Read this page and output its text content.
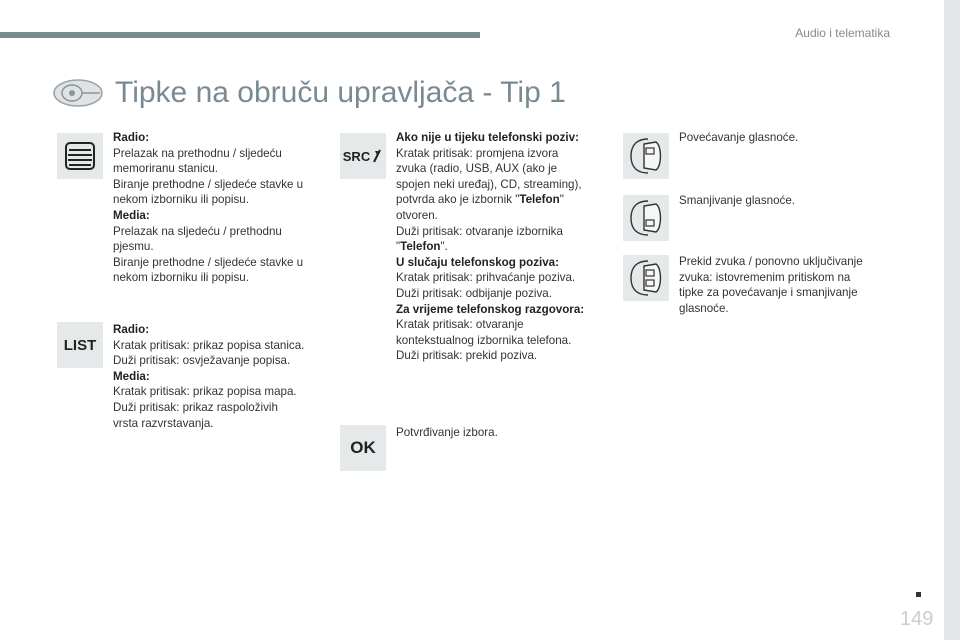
Audio i telematika
Tipke na obruču upravljača - Tip 1
Radio:
Prelazak na prethodnu / sljedeću
memoriranu stanicu.
Biranje prethodne / sljedeće stavke u
nekom izborniku ili popisu.
Media:
Prelazak na sljedeću / prethodnu
pjesmu.
Biranje prethodne / sljedeće stavke u
nekom izborniku ili popisu.
LIST
Radio:
Kratak pritisak: prikaz popisa stanica.
Duži pritisak: osvježavanje popisa.
Media:
Kratak pritisak: prikaz popisa mapa.
Duži pritisak: prikaz raspoloživih
vrsta razvrstavanja.
SRC
Ako nije u tijeku telefonski poziv:
Kratak pritisak: promjena izvora
zvuka (radio, USB, AUX (ako je
spojen neki uređaj), CD, streaming),
potvrda ako je izbornik "Telefon"
otvoren.
Duži pritisak: otvaranje izbornika
"Telefon".
U slučaju telefonskog poziva:
Kratak pritisak: prihvaćanje poziva.
Duži pritisak: odbijanje poziva.
Za vrijeme telefonskog razgovora:
Kratak pritisak: otvaranje
kontekstualnog izbornika telefona.
Duži pritisak: prekid poziva.
OK
Potvrđivanje izbora.
Povećavanje glasnoće.
Smanjivanje glasnoće.
Prekid zvuka / ponovno uključivanje
zvuka: istovremenim pritiskom na
tipke za povećavanje i smanjivanje
glasnoće.
149
